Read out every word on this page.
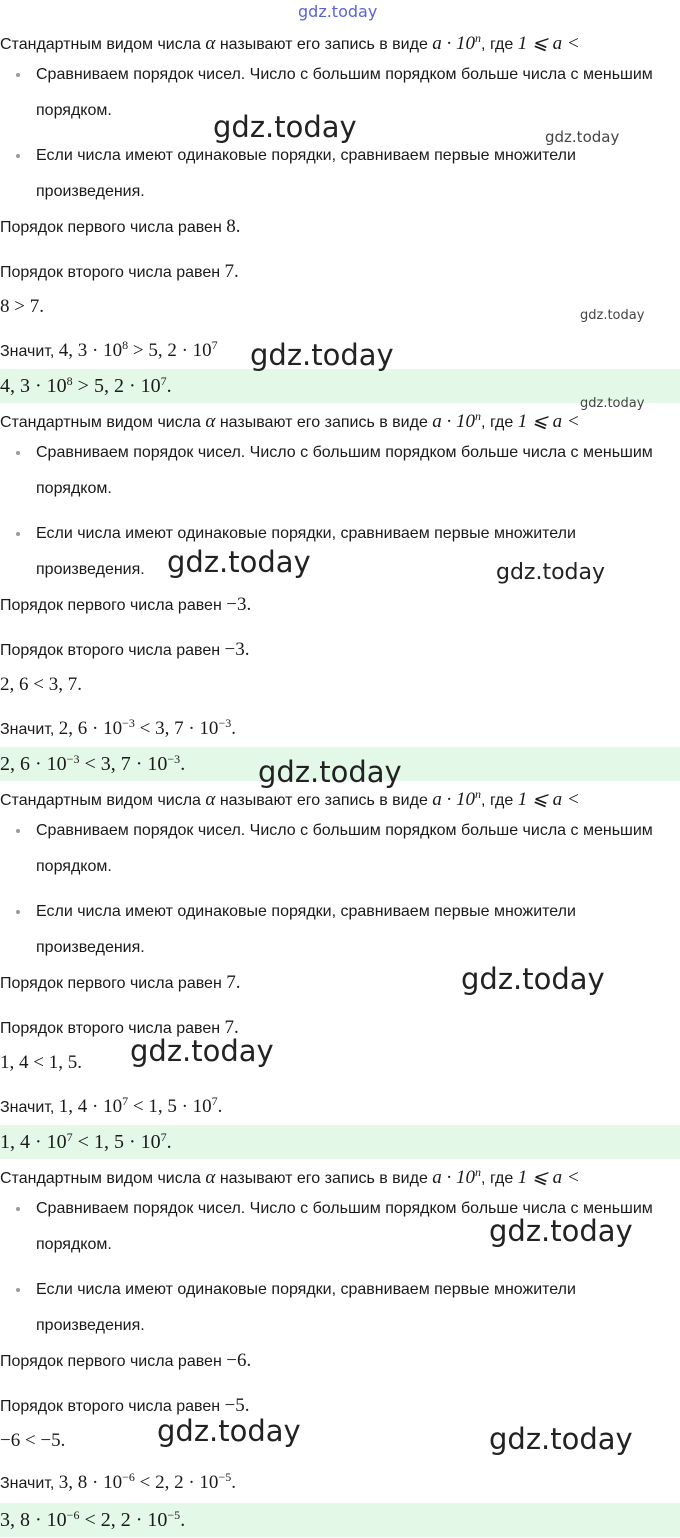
gdz.today
Стандартным видом числа α называют его запись в виде $a \cdot 10^n$, где 1 ⩽ a <
Сравниваем порядок чисел. Число с большим порядком больше числа с меньшим порядком.
Если числа имеют одинаковые порядки, сравниваем первые множители произведения.
Порядок первого числа равен 8.
Порядок второго числа равен 7.
8 > 7.
Значит, 4, $3 \cdot 10^8 > 5$, $2 \cdot 10^7$
4, $3 \cdot 10^8 > 5$, $2 \cdot 10^7$.
Стандартным видом числа α называют его запись в виде $a \cdot 10^n$, где 1 ⩽ a <
Сравниваем порядок чисел. Число с большим порядком больше числа с меньшим порядком.
Если числа имеют одинаковые порядки, сравниваем первые множители произведения.
Порядок первого числа равен −3.
Порядок второго числа равен −3.
2, 6 < 3, 7.
Значит, 2, $6 \cdot 10^{-3} < 3$, $7 \cdot 10^{-3}$.
2, $6 \cdot 10^{-3} < 3$, $7 \cdot 10^{-3}$.
Стандартным видом числа α называют его запись в виде $a \cdot 10^n$, где 1 ⩽ a <
Сравниваем порядок чисел. Число с большим порядком больше числа с меньшим порядком.
Если числа имеют одинаковые порядки, сравниваем первые множители произведения.
Порядок первого числа равен 7.
Порядок второго числа равен 7.
1, 4 < 1, 5.
Значит, 1, $4 \cdot 10^7 < 1$, $5 \cdot 10^7$.
1, $4 \cdot 10^7 < 1$, $5 \cdot 10^7$.
Стандартным видом числа α называют его запись в виде $a \cdot 10^n$, где 1 ⩽ a <
Сравниваем порядок чисел. Число с большим порядком больше числа с меньшим порядком.
Если числа имеют одинаковые порядки, сравниваем первые множители произведения.
Порядок первого числа равен −6.
Порядок второго числа равен −5.
−6 < −5.
Значит, 3, $8 \cdot 10^{-6} < 2$, $2 \cdot 10^{-5}$.
3, $8 \cdot 10^{-6} < 2$, $2 \cdot 10^{-5}$.
gdz.today	gdz.today
gdz.today
gdz.today
gdz.today
gdz.today	gdz.today
gdz.today
gdz.today
gdz.today
gdz.today
gdz.today	gdz.today
